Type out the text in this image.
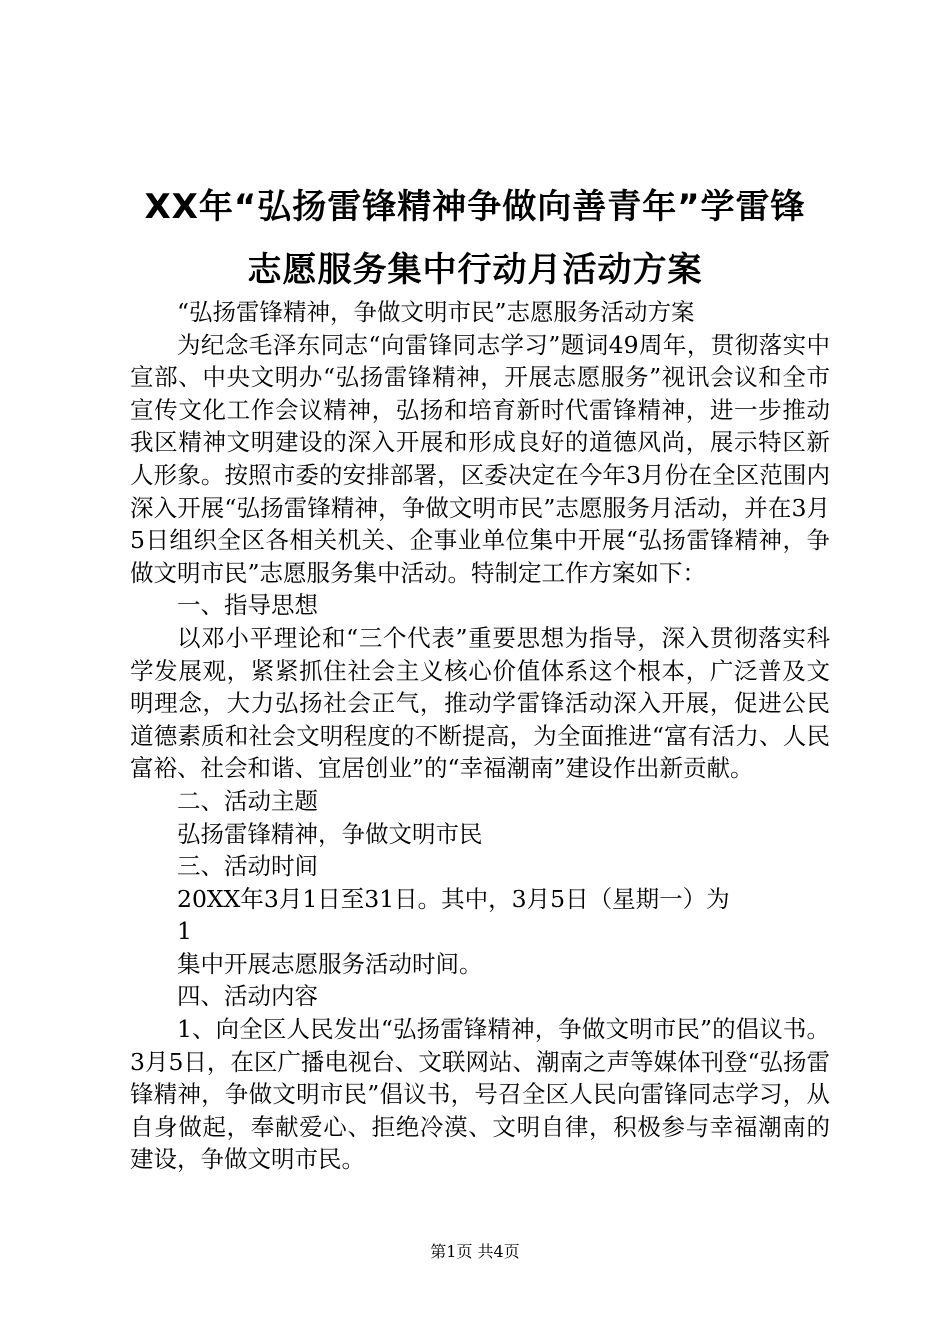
XX年“弘扬雷锋精神争做向善青年”学雷锋
志愿服务集中行动月活动方案

“弘扬雷锋精神，争做文明市民”志愿服务活动方案

为纪念毛泽东同志“向雷锋同志学习”题词49周年，贯彻落实中宣部、中央文明办“弘扬雷锋精神，开展志愿服务”视讯会议和全市宣传文化工作会议精神，弘扬和培育新时代雷锋精神，进一步推动我区精神文明建设的深入开展和形成良好的道德风尚，展示特区新人形象。按照市委的安排部署，区委决定在今年3月份在全区范围内深入开展“弘扬雷锋精神，争做文明市民”志愿服务月活动，并在3月5日组织全区各相关机关、企事业单位集中开展“弘扬雷锋精神，争做文明市民”志愿服务集中活动。特制定工作方案如下：

一、指导思想

以邓小平理论和“三个代表”重要思想为指导，深入贯彻落实科学发展观，紧紧抓住社会主义核心价值体系这个根本，广泛普及文明理念，大力弘扬社会正气，推动学雷锋活动深入开展，促进公民道德素质和社会文明程度的不断提高，为全面推进“富有活力、人民富裕、社会和谐、宜居创业”的“幸福潮南”建设作出新贡献。

二、活动主题

弘扬雷锋精神，争做文明市民

三、活动时间

20XX年3月1日至31日。其中，3月5日（星期一）为

1

集中开展志愿服务活动时间。

四、活动内容

1、向全区人民发出“弘扬雷锋精神，争做文明市民”的倡议书。3月5日，在区广播电视台、文联网站、潮南之声等媒体刊登“弘扬雷锋精神，争做文明市民”倡议书，号召全区人民向雷锋同志学习，从自身做起，奉献爱心、拒绝冷漠、文明自律，积极参与幸福潮南的建设，争做文明市民。

第1页 共4页
